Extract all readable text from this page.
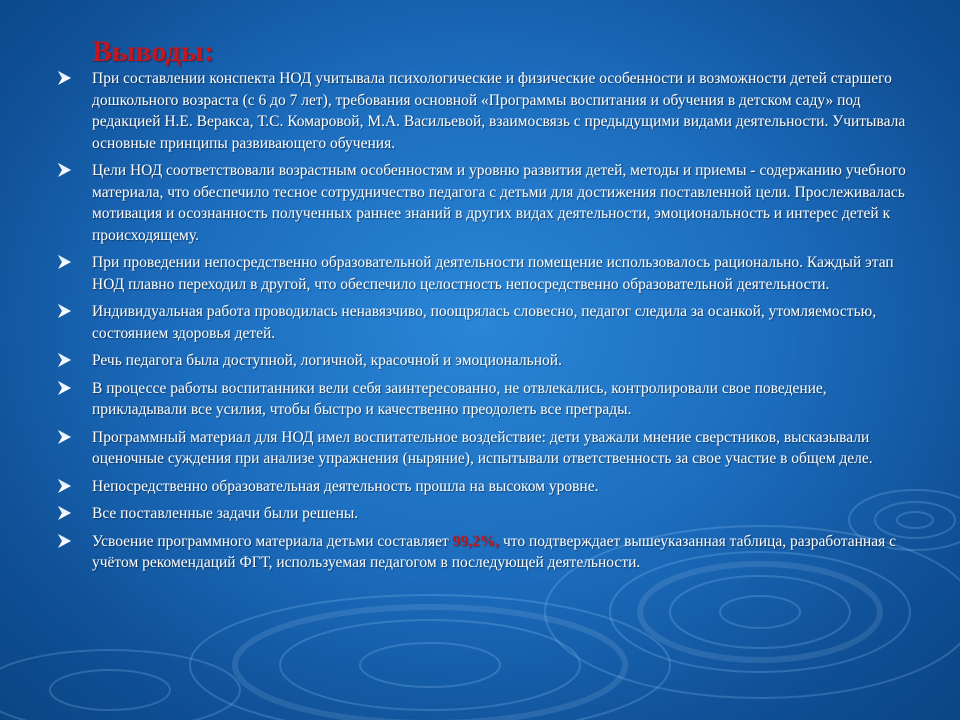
Выводы:
При составлении конспекта НОД учитывала психологические и физические особенности и возможности детей старшего дошкольного возраста (с 6 до 7 лет), требования основной «Программы воспитания и обучения в детском саду» под редакцией Н.Е. Веракса, Т.С. Комаровой, М.А. Васильевой, взаимосвязь с предыдущими видами деятельности. Учитывала основные принципы развивающего обучения.
Цели НОД соответствовали возрастным особенностям и уровню развития детей, методы и приемы - содержанию учебного материала, что обеспечило тесное сотрудничество педагога с детьми для достижения поставленной цели. Прослеживалась мотивация и осознанность полученных раннее знаний в других видах деятельности, эмоциональность и интерес детей к происходящему.
При проведении непосредственно образовательной деятельности помещение использовалось рационально. Каждый этап НОД плавно переходил в другой, что обеспечило целостность непосредственно образовательной деятельности.
Индивидуальная работа проводилась ненавязчиво, поощрялась словесно, педагог следила за осанкой, утомляемостью, состоянием здоровья детей.
Речь педагога была доступной, логичной, красочной и эмоциональной.
В процессе работы воспитанники вели себя заинтересованно, не отвлекались, контролировали свое поведение, прикладывали все усилия, чтобы быстро и качественно преодолеть все преграды.
Программный материал для НОД имел воспитательное воздействие: дети уважали мнение сверстников, высказывали оценочные суждения при анализе упражнения (ныряние), испытывали ответственность за свое участие в общем деле.
Непосредственно образовательная деятельность прошла на высоком уровне.
Все поставленные задачи были решены.
Усвоение программного материала детьми составляет 99,2%, что подтверждает вышеуказанная таблица, разработанная с учётом рекомендаций ФГТ, используемая педагогом в последующей деятельности.
